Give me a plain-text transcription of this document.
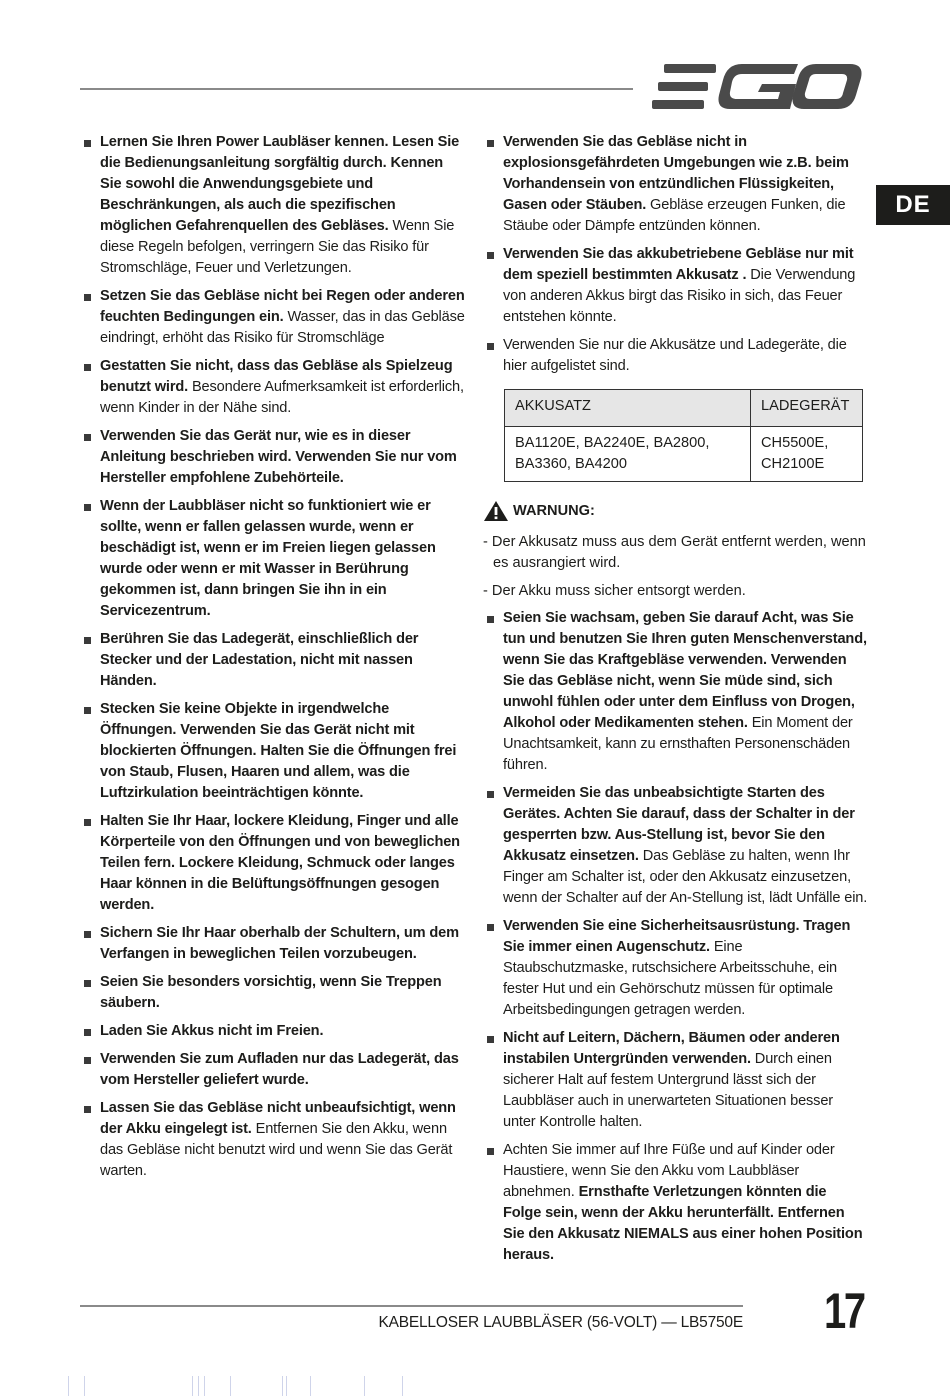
DE
Lernen Sie Ihren Power Laubläser kennen. Lesen Sie die Bedienungsanleitung sorgfältig durch. Kennen Sie sowohl die Anwendungsgebiete und Beschränkungen, als auch die spezifischen möglichen Gefahrenquellen des Gebläses. Wenn Sie diese Regeln befolgen, verringern Sie das Risiko für Stromschläge, Feuer und Verletzungen.
Setzen Sie das Gebläse nicht bei Regen oder anderen feuchten Bedingungen ein. Wasser, das in das Gebläse eindringt, erhöht das Risiko für Stromschläge
Gestatten Sie nicht, dass das Gebläse als Spielzeug benutzt wird. Besondere Aufmerksamkeit ist erforderlich, wenn Kinder in der Nähe sind.
Verwenden Sie das Gerät nur, wie es in dieser Anleitung beschrieben wird. Verwenden Sie nur vom Hersteller empfohlene Zubehörteile.
Wenn der Laubbläser nicht so funktioniert wie er sollte, wenn er fallen gelassen wurde, wenn er beschädigt ist, wenn er im Freien liegen gelassen wurde oder wenn er mit Wasser in Berührung gekommen ist, dann bringen Sie ihn in ein Servicezentrum.
Berühren Sie das Ladegerät, einschließlich der Stecker und der Ladestation, nicht mit nassen Händen.
Stecken Sie keine Objekte in irgendwelche Öffnungen. Verwenden Sie das Gerät nicht mit blockierten Öffnungen. Halten Sie die Öffnungen frei von Staub, Flusen, Haaren und allem, was die Luftzirkulation beeinträchtigen könnte.
Halten Sie Ihr Haar, lockere Kleidung, Finger und alle Körperteile von den Öffnungen und von beweglichen Teilen fern. Lockere Kleidung, Schmuck oder langes Haar können in die Belüftungsöffnungen gesogen werden.
Sichern Sie Ihr Haar oberhalb der Schultern, um dem Verfangen in beweglichen Teilen vorzubeugen.
Seien Sie besonders vorsichtig, wenn Sie Treppen säubern.
Laden Sie Akkus nicht im Freien.
Verwenden Sie zum Aufladen nur das Ladegerät, das vom Hersteller geliefert wurde.
Lassen Sie das Gebläse nicht unbeaufsichtigt, wenn der Akku eingelegt ist. Entfernen Sie den Akku, wenn das Gebläse nicht benutzt wird und wenn Sie das Gerät warten.
Verwenden Sie das Gebläse nicht in explosionsgefährdeten Umgebungen wie z.B. beim Vorhandensein von entzündlichen Flüssigkeiten, Gasen oder Stäuben. Gebläse erzeugen Funken, die Stäube oder Dämpfe entzünden können.
Verwenden Sie das akkubetriebene Gebläse nur mit dem speziell bestimmten Akkusatz . Die Verwendung von anderen Akkus birgt das Risiko in sich, das Feuer entstehen könnte.
Verwenden Sie nur die Akkusätze und Ladegeräte, die hier aufgelistet sind.
AKKUSATZ	LADEGERÄT
BA1120E, BA2240E, BA2800, BA3360, BA4200	CH5500E, CH2100E
WARNUNG:
- Der Akkusatz muss aus dem Gerät entfernt werden, wenn es ausrangiert wird.
- Der Akku muss sicher entsorgt werden.
Seien Sie wachsam, geben Sie darauf Acht, was Sie tun und benutzen Sie Ihren guten Menschenverstand, wenn Sie das Kraftgebläse verwenden. Verwenden Sie das Gebläse nicht, wenn Sie müde sind, sich unwohl fühlen oder unter dem Einfluss von Drogen, Alkohol oder Medikamenten stehen. Ein Moment der Unachtsamkeit, kann zu ernsthaften Personenschäden führen.
Vermeiden Sie das unbeabsichtigte Starten des Gerätes. Achten Sie darauf, dass der Schalter in der gesperrten bzw. Aus-Stellung ist, bevor Sie den Akkusatz einsetzen. Das Gebläse zu halten, wenn Ihr Finger am Schalter ist, oder den Akkusatz einzusetzen, wenn der Schalter auf der An-Stellung ist, lädt Unfälle ein.
Verwenden Sie eine Sicherheitsausrüstung. Tragen Sie immer einen Augenschutz. Eine Staubschutzmaske, rutschsichere Arbeitsschuhe, ein fester Hut und ein Gehörschutz müssen für optimale Arbeitsbedingungen getragen werden.
Nicht auf Leitern, Dächern, Bäumen oder anderen instabilen Untergründen verwenden. Durch einen sicherer Halt auf festem Untergrund lässt sich der Laubbläser auch in unerwarteten Situationen besser unter Kontrolle halten.
Achten Sie immer auf Ihre Füße und auf Kinder oder Haustiere, wenn Sie den Akku vom Laubbläser abnehmen. Ernsthafte Verletzungen könnten die Folge sein, wenn der Akku herunterfällt. Entfernen Sie den Akkusatz NIEMALS aus einer hohen Position heraus.
KABELLOSER LAUBBLÄSER (56-VOLT) — LB5750E 17
